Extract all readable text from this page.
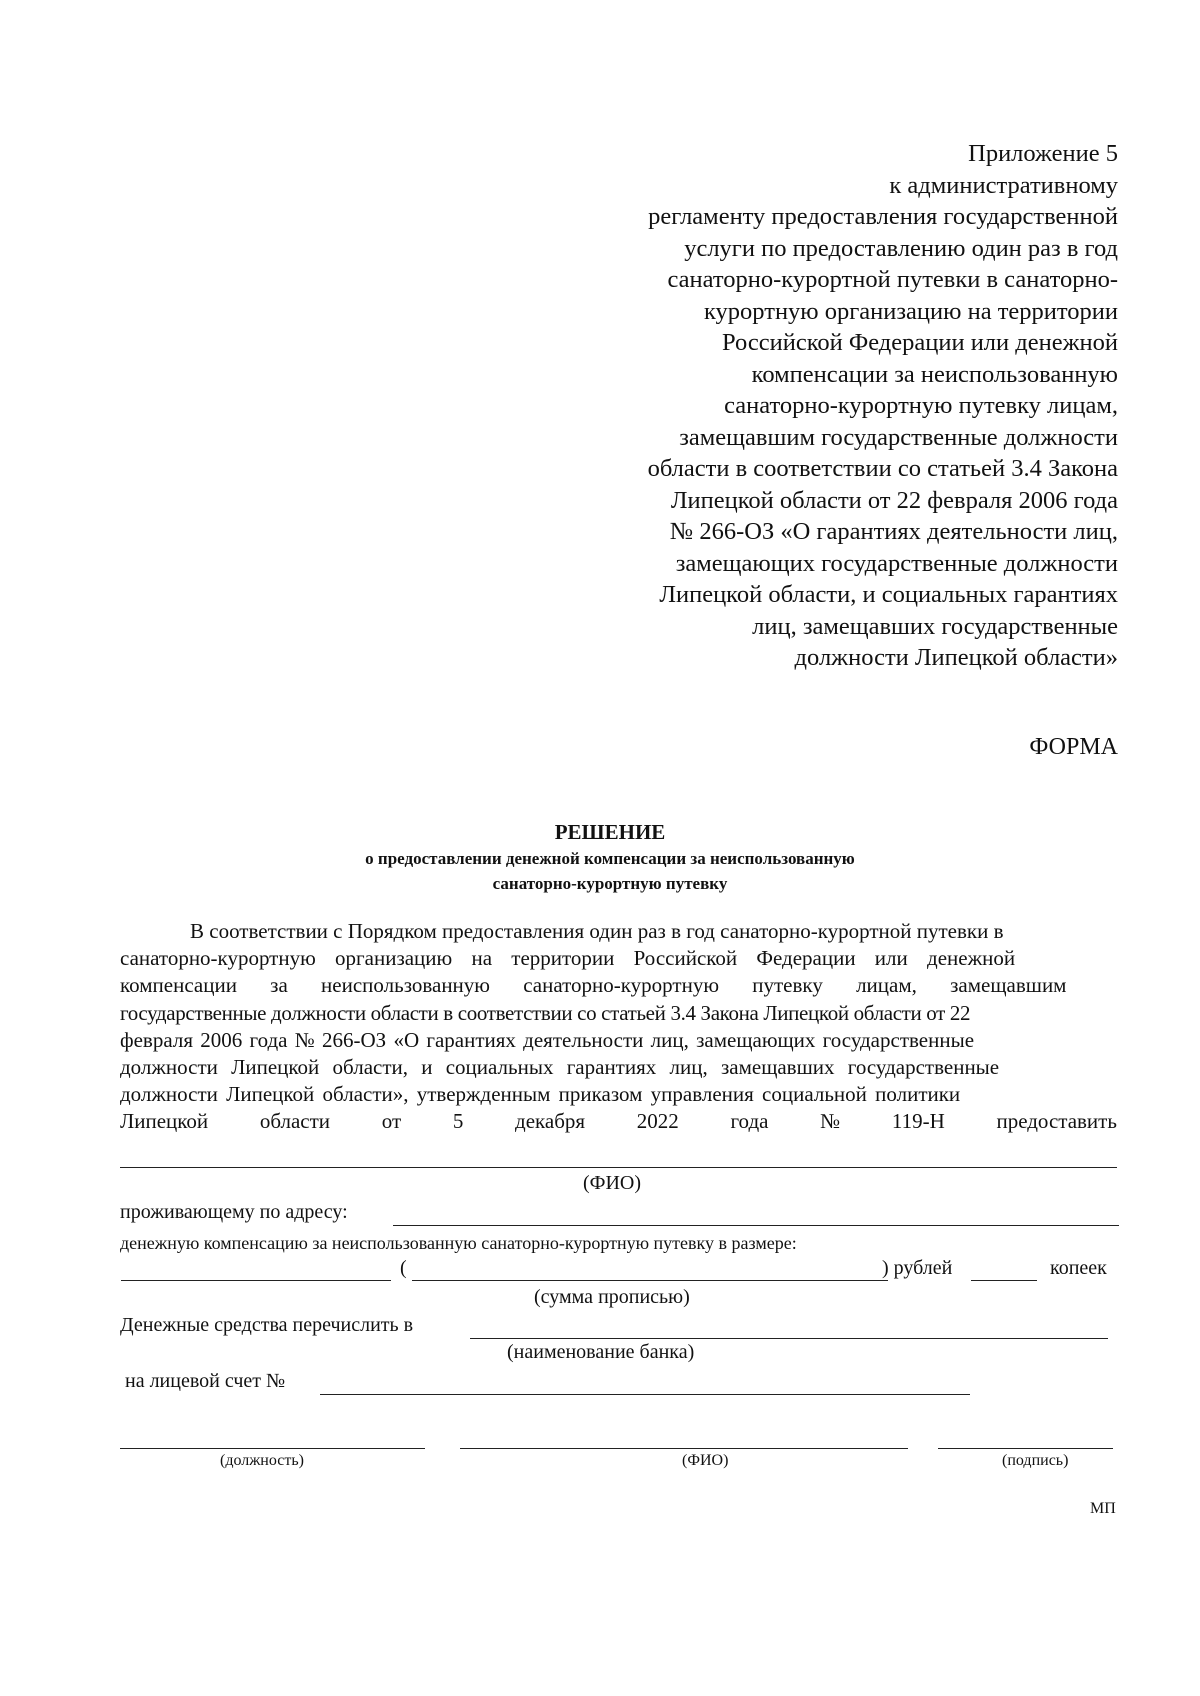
Приложение 5
к административному
регламенту предоставления государственной
услуги по предоставлению один раз в год
санаторно-курортной путевки в санаторно-
курортную организацию на территории
Российской Федерации или денежной
компенсации за неиспользованную
санаторно-курортную путевку лицам,
замещавшим государственные должности
области в соответствии со статьей 3.4 Закона
Липецкой области от 22 февраля 2006 года
№ 266-ОЗ «О гарантиях деятельности лиц,
замещающих государственные должности
Липецкой области, и социальных гарантиях
лиц, замещавших государственные
должности Липецкой области»
ФОРМА
РЕШЕНИЕ
о предоставлении денежной компенсации за неиспользованную
санаторно-курортную путевку
В соответствии с Порядком предоставления один раз в год санаторно-курортной путевки в
санаторно-курортную организацию на территории Российской Федерации или денежной
компенсации за неиспользованную санаторно-курортную путевку лицам, замещавшим
государственные должности области в соответствии со статьей 3.4 Закона Липецкой области от 22
февраля 2006 года № 266-ОЗ «О гарантиях деятельности лиц, замещающих государственные
должности Липецкой области, и социальных гарантиях лиц, замещавших государственные
должности Липецкой области», утвержденным приказом управления социальной политики
Липецкой области от 5 декабря 2022 года № 119-Н предоставить
(ФИО)
проживающему по адресу:
денежную компенсацию за неиспользованную санаторно-курортную путевку в размере:
(	) рублей	копеек
(сумма прописью)
Денежные средства перечислить в
(наименование банка)
на лицевой счет №
(должность)	(ФИО)	(подпись)
МП
